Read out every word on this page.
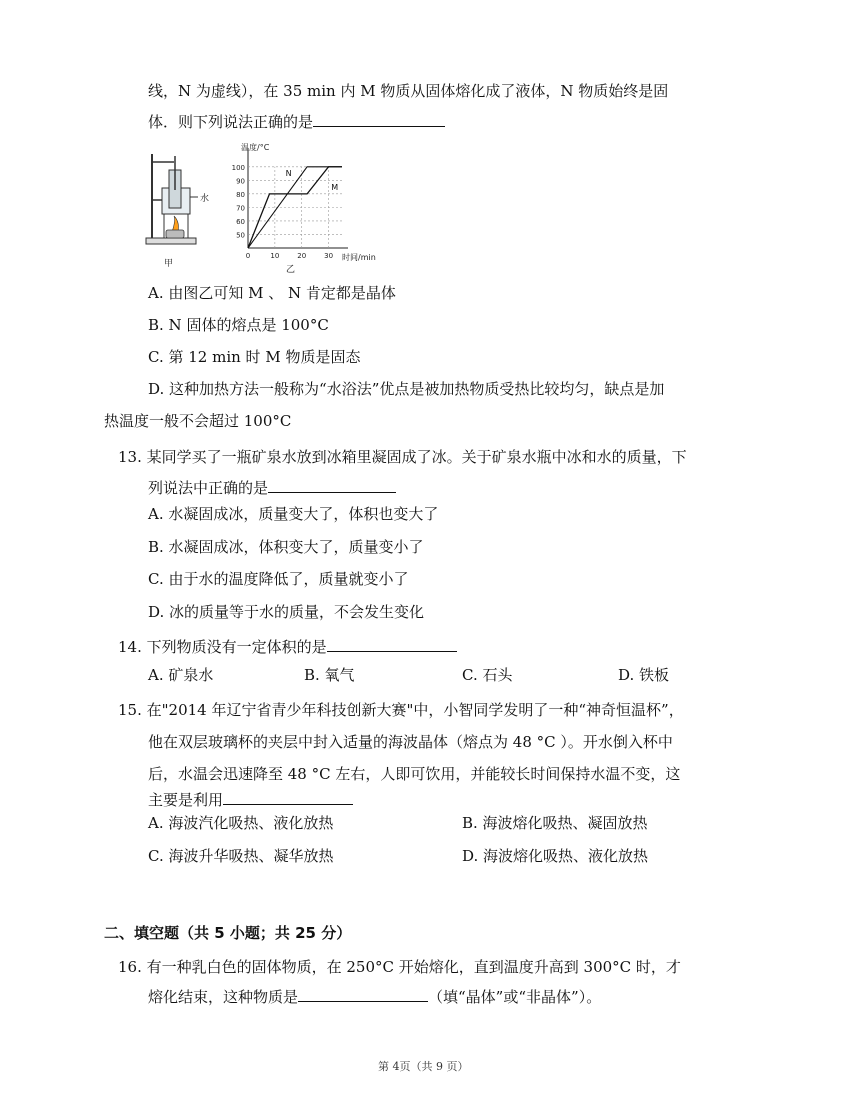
线，N 为虚线），在 35 min 内 M 物质从固体熔化成了液体，N 物质始终是固
体．则下列说法正确的是
水
甲
100
90
80
70
60
50
0	10	20	30
N
M
温度/°C
时间/min
乙
A. 由图乙可知 M 、 N 肯定都是晶体
B. N 固体的熔点是 100°C
C. 第 12 min 时 M 物质是固态
D. 这种加热方法一般称为“水浴法”优点是被加热物质受热比较均匀，缺点是加
热温度一般不会超过 100°C
13. 某同学买了一瓶矿泉水放到冰箱里凝固成了冰。关于矿泉水瓶中冰和水的质量，下
列说法中正确的是
A. 水凝固成冰，质量变大了，体积也变大了
B. 水凝固成冰，体积变大了，质量变小了
C. 由于水的温度降低了，质量就变小了
D. 冰的质量等于水的质量，不会发生变化
14. 下列物质没有一定体积的是
A. 矿泉水	B. 氧气	C. 石头	D. 铁板
15. 在"2014 年辽宁省青少年科技创新大赛"中，小智同学发明了一种“神奇恒温杯”，
他在双层玻璃杯的夹层中封入适量的海波晶体（熔点为 48 °C ）。开水倒入杯中
后，水温会迅速降至 48 °C 左右，人即可饮用，并能较长时间保持水温不变，这
主要是利用
A. 海波汽化吸热、液化放热	B. 海波熔化吸热、凝固放热
C. 海波升华吸热、凝华放热	D. 海波熔化吸热、液化放热
二、填空题（共 5 小题；共 25 分）
16. 有一种乳白色的固体物质，在 250°C 开始熔化，直到温度升高到 300°C 时，才
熔化结束，这种物质是	（填“晶体”或“非晶体”）。
第 4页（共 9 页）
